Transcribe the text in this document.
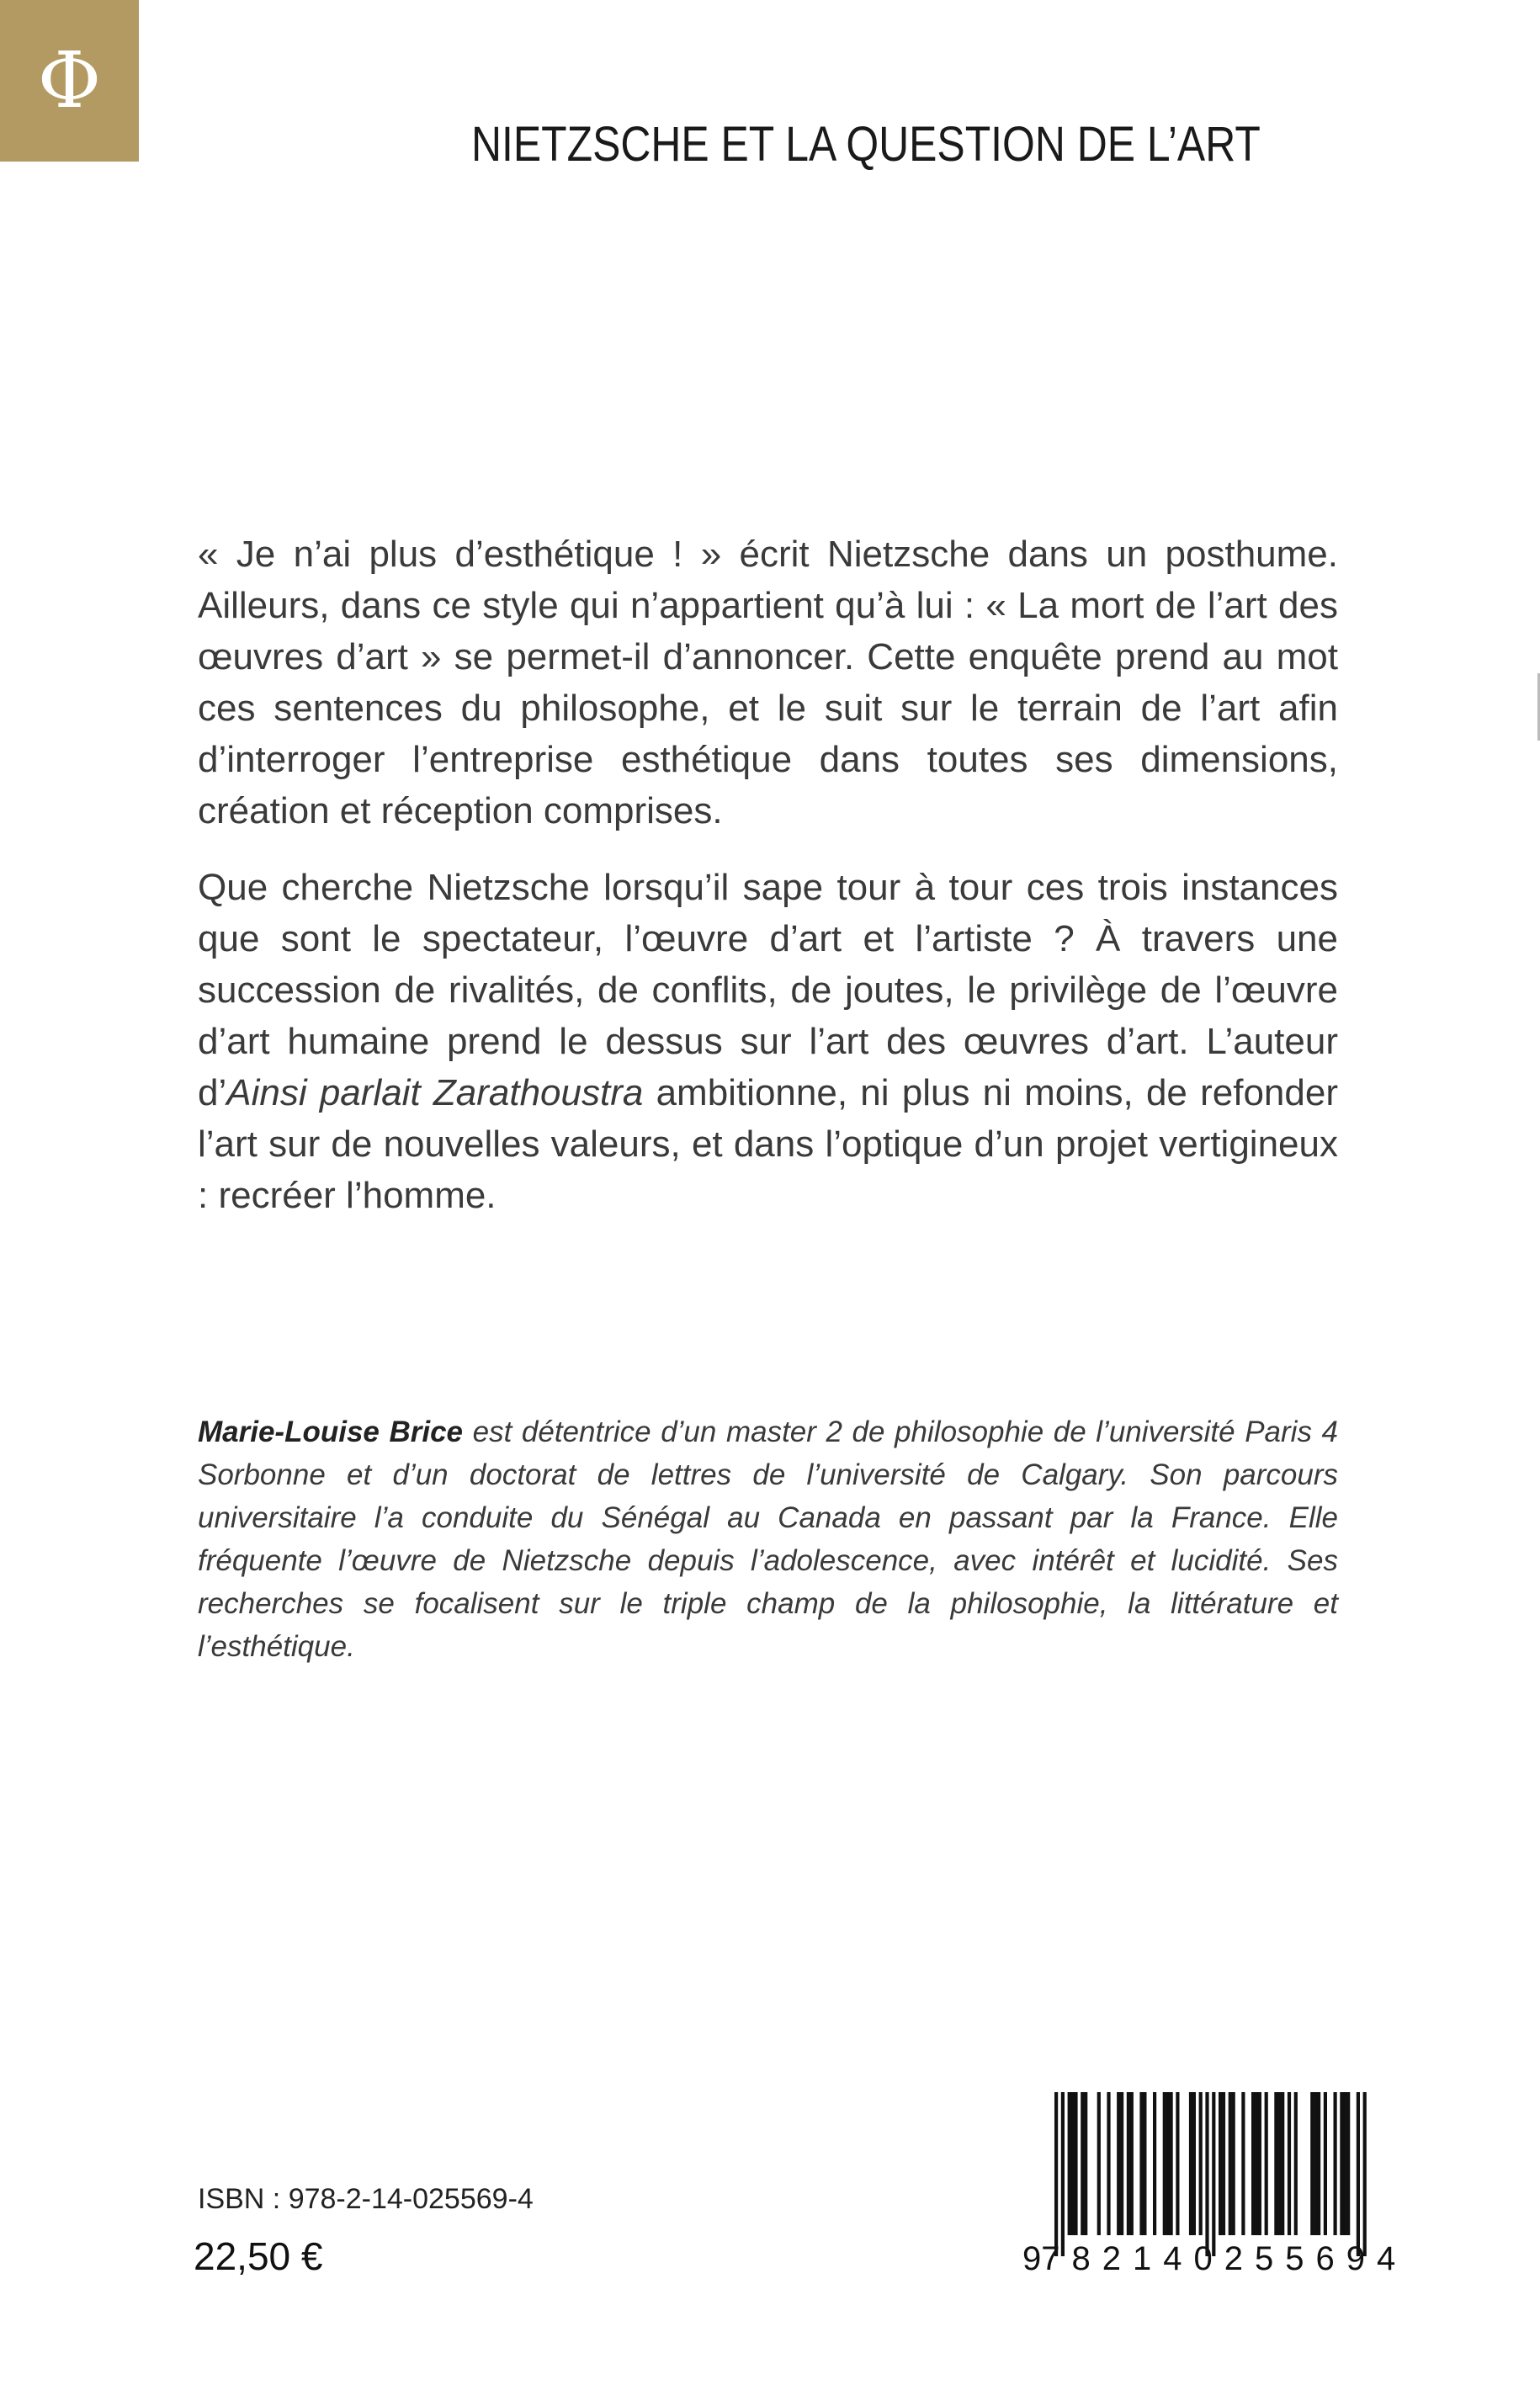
Φ
NIETZSCHE ET LA QUESTION DE L’ART

« Je n’ai plus d’esthétique ! » écrit Nietzsche dans un posthume. Ailleurs, dans ce style qui n’appartient qu’à lui : « La mort de l’art des œuvres d’art » se permet-il d’annoncer. Cette enquête prend au mot ces sentences du philosophe, et le suit sur le terrain de l’art afin d’interroger l’entreprise esthétique dans toutes ses dimensions, création et réception comprises.

Que cherche Nietzsche lorsqu’il sape tour à tour ces trois instances que sont le spectateur, l’œuvre d’art et l’artiste ? À travers une succession de rivalités, de conflits, de joutes, le privilège de l’œuvre d’art humaine prend le dessus sur l’art des œuvres d’art. L’auteur d’Ainsi parlait Zarathoustra ambitionne, ni plus ni moins, de refonder l’art sur de nouvelles valeurs, et dans l’optique d’un projet vertigineux : recréer l’homme.

Marie-Louise Brice est détentrice d’un master 2 de philosophie de l’université Paris 4 Sorbonne et d’un doctorat de lettres de l’université de Calgary. Son parcours universitaire l’a conduite du Sénégal au Canada en passant par la France. Elle fréquente l’œuvre de Nietzsche depuis l’adolescence, avec intérêt et lucidité. Ses recherches se focalisent sur le triple champ de la philosophie, la littérature et l’esthétique.

ISBN : 978-2-14-025569-4
22,50 €	9 782140 255694
